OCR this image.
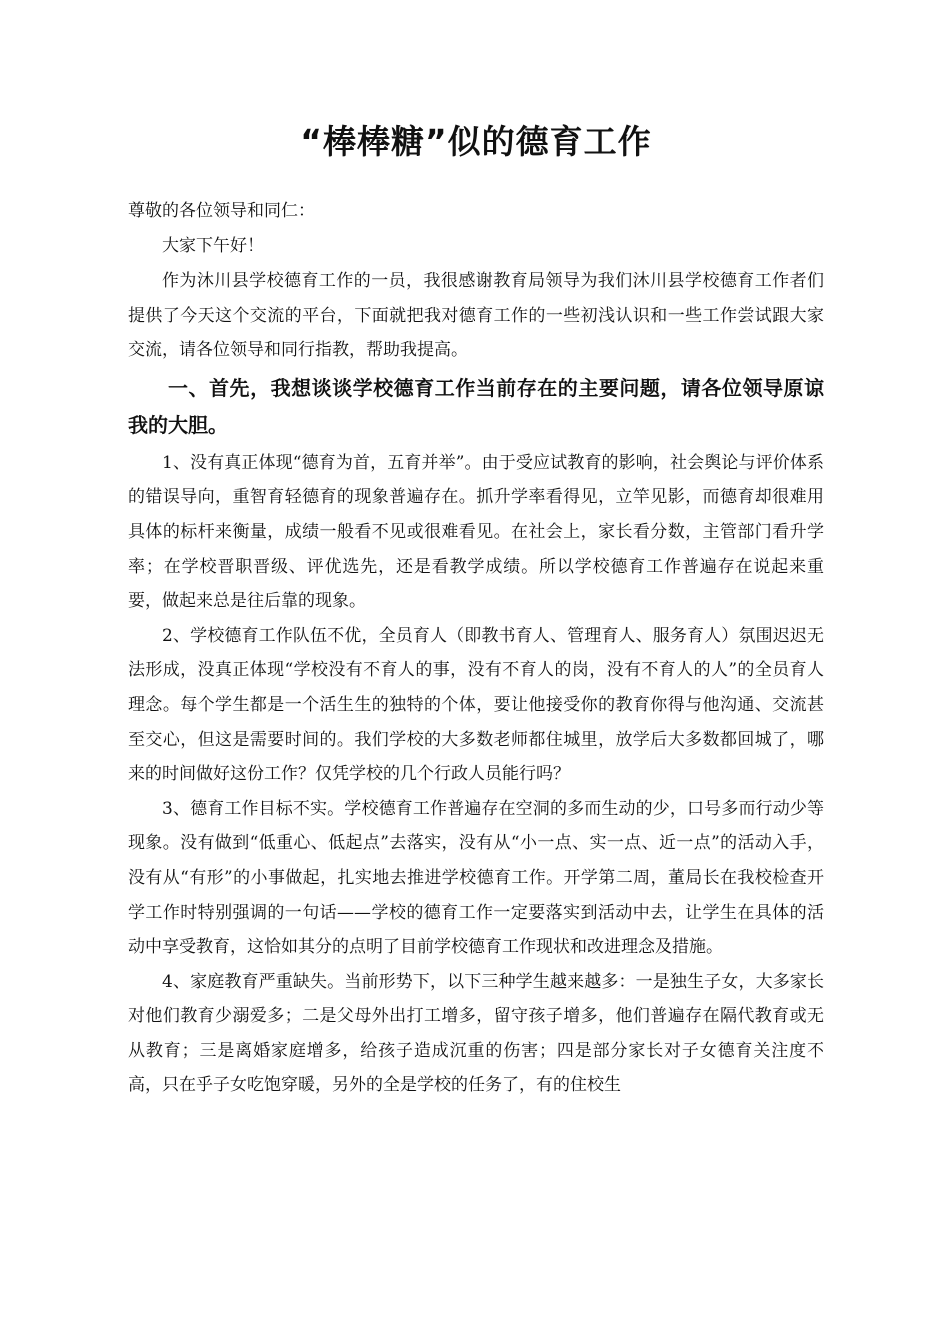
“棒棒糖”似的德育工作
尊敬的各位领导和同仁：

大家下午好！

作为沐川县学校德育工作的一员，我很感谢教育局领导为我们沐川县学校德育工作者们提供了今天这个交流的平台，下面就把我对德育工作的一些初浅认识和一些工作尝试跟大家交流，请各位领导和同行指教，帮助我提高。

一、首先，我想谈谈学校德育工作当前存在的主要问题，请各位领导原谅我的大胆。

1、没有真正体现“德育为首，五育并举”。由于受应试教育的影响，社会舆论与评价体系的错误导向，重智育轻德育的现象普遍存在。抓升学率看得见，立竿见影，而德育却很难用具体的标杆来衡量，成绩一般看不见或很难看见。在社会上，家长看分数，主管部门看升学率；在学校晋职晋级、评优选先，还是看教学成绩。所以学校德育工作普遍存在说起来重要，做起来总是往后靠的现象。

2、学校德育工作队伍不优，全员育人（即教书育人、管理育人、服务育人）氛围迟迟无法形成，没真正体现“学校没有不育人的事，没有不育人的岗，没有不育人的人”的全员育人理念。每个学生都是一个活生生的独特的个体，要让他接受你的教育你得与他沟通、交流甚至交心，但这是需要时间的。我们学校的大多数老师都住城里，放学后大多数都回城了，哪来的时间做好这份工作？仅凭学校的几个行政人员能行吗？

3、德育工作目标不实。学校德育工作普遍存在空洞的多而生动的少，口号多而行动少等现象。没有做到“低重心、低起点”去落实，没有从“小一点、实一点、近一点”的活动入手，没有从“有形”的小事做起，扎实地去推进学校德育工作。开学第二周，董局长在我校检查开学工作时特别强调的一句话——学校的德育工作一定要落实到活动中去，让学生在具体的活动中享受教育，这恰如其分的点明了目前学校德育工作现状和改进理念及措施。

4、家庭教育严重缺失。当前形势下，以下三种学生越来越多：一是独生子女，大多家长对他们教育少溺爱多；二是父母外出打工增多，留守孩子增多，他们普遍存在隔代教育或无从教育；三是离婚家庭增多，给孩子造成沉重的伤害；四是部分家长对子女德育关注度不高，只在乎子女吃饱穿暖，另外的全是学校的任务了，有的住校生
